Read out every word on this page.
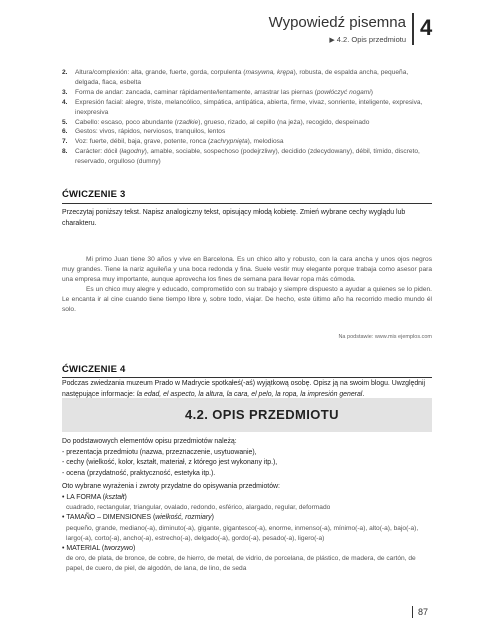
Wypowiedź pisemna
▶ 4.2. Opis przedmiotu 4
2. Altura/complexión: alta, grande, fuerte, gorda, corpulenta (masywna, krępa), robusta, de espalda ancha, pequeña, delgada, flaca, esbelta
3. Forma de andar: zancada, caminar rápidamente/lentamente, arrastrar las piernas (powłóczyć nogami)
4. Expresión facial: alegre, triste, melancólico, simpática, antipática, abierta, firme, vivaz, sonriente, inteligente, expresiva, inexpresiva
5. Cabello: escaso, poco abundante (rzadkie), grueso, rizado, al cepillo (na jeża), recogido, despeinado
6. Gestos: vivos, rápidos, nerviosos, tranquilos, lentos
7. Voz: fuerte, débil, baja, grave, potente, ronca (zachrypnięta), melodiosa
8. Carácter: dócil (łagodny), amable, sociable, sospechoso (podejrzliwy), decidido (zdecydowany), débil, tímido, discreto, reservado, orgulloso (dumny)
ĆWICZENIE 3
Przeczytaj poniższy tekst. Napisz analogiczny tekst, opisujący młodą kobietę. Zmień wybrane cechy wyglądu lub charakteru.

Mi primo Juan tiene 30 años y vive en Barcelona. Es un chico alto y robusto, con la cara ancha y unos ojos negros muy grandes. Tiene la nariz aguileña y una boca redonda y fina. Suele vestir muy elegante porque trabaja como asesor para una empresa muy importante, aunque aprovecha los fines de semana para llevar ropa más cómoda.

Es un chico muy alegre y educado, comprometido con su trabajo y siempre dispuesto a ayudar a quienes se lo piden. Le encanta ir al cine cuando tiene tiempo libre y, sobre todo, viajar. De hecho, este último año ha recorrido medio mundo él solo.

Na podstawie: www.mis ejemplos.com
ĆWICZENIE 4
Podczas zwiedzania muzeum Prado w Madrycie spotkałeś(-aś) wyjątkową osobę. Opisz ją na swoim blogu. Uwzględnij następujące informacje: la edad, el aspecto, la altura, la cara, el pelo, la ropa, la impresión general.
4.2. OPIS PRZEDMIOTU
Do podstawowych elementów opisu przedmiotów należą:
- prezentacja przedmiotu (nazwa, przeznaczenie, usytuowanie),
- cechy (wielkość, kolor, kształt, materiał, z którego jest wykonany itp.),
- ocena (przydatność, praktyczność, estetyka itp.).
Oto wybrane wyrażenia i zwroty przydatne do opisywania przedmiotów:
• LA FORMA (kształt)
cuadrado, rectangular, triangular, ovalado, redondo, esférico, alargado, regular, deformado
• TAMAÑO – DIMENSIONES (wielkość, rozmiary)
pequeño, grande, mediano(-a), diminuto(-a), gigante, gigantesco(-a), enorme, inmenso(-a), mínimo(-a), alto(-a), bajo(-a), largo(-a), corto(-a), ancho(-a), estrecho(-a), delgado(-a), gordo(-a), pesado(-a), ligero(-a)
• MATERIAL (tworzywo)
de oro, de plata, de bronce, de cobre, de hierro, de metal, de vidrio, de porcelana, de plástico, de madera, de cartón, de papel, de cuero, de piel, de algodón, de lana, de lino, de seda
87
